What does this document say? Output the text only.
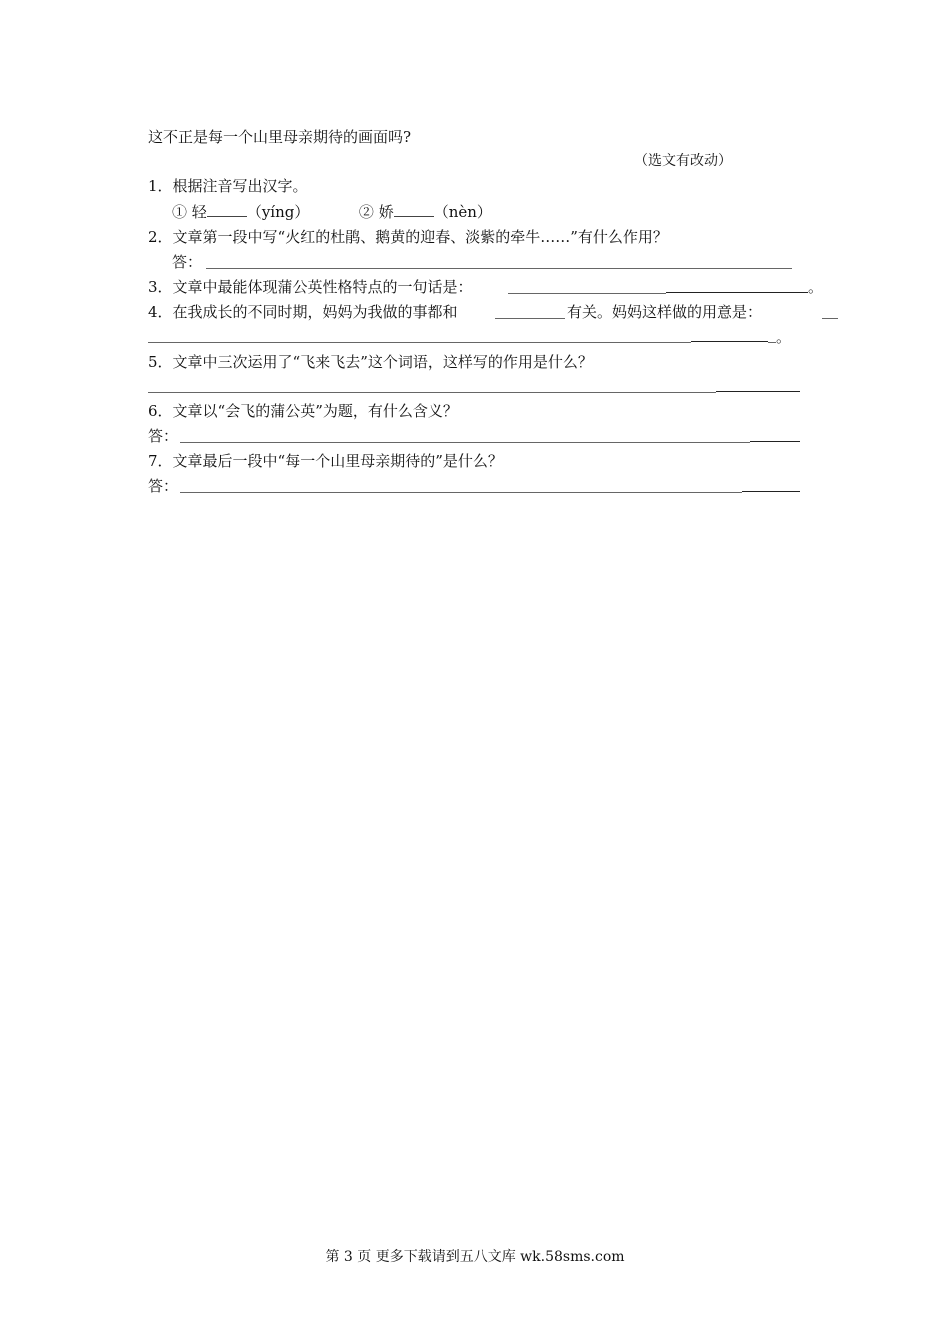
这不正是每一个山里母亲期待的画面吗?
（选文有改动）
1．根据注音写出汉字。
① 轻	（yíng）	② 娇	（nèn）
2．文章第一段中写“火红的杜鹃、鹅黄的迎春、淡紫的牵牛……”有什么作用？
答：
3．文章中最能体现蒲公英性格特点的一句话是：	。
4．在我成长的不同时期，妈妈为我做的事都和	有关。妈妈这样做的用意是：
。
5．文章中三次运用了“飞来飞去”这个词语，这样写的作用是什么？
6．文章以“会飞的蒲公英”为题，有什么含义？
答：
7．文章最后一段中“每一个山里母亲期待的”是什么？
答：
第 3 页 更多下载请到五八文库 wk.58sms.com
